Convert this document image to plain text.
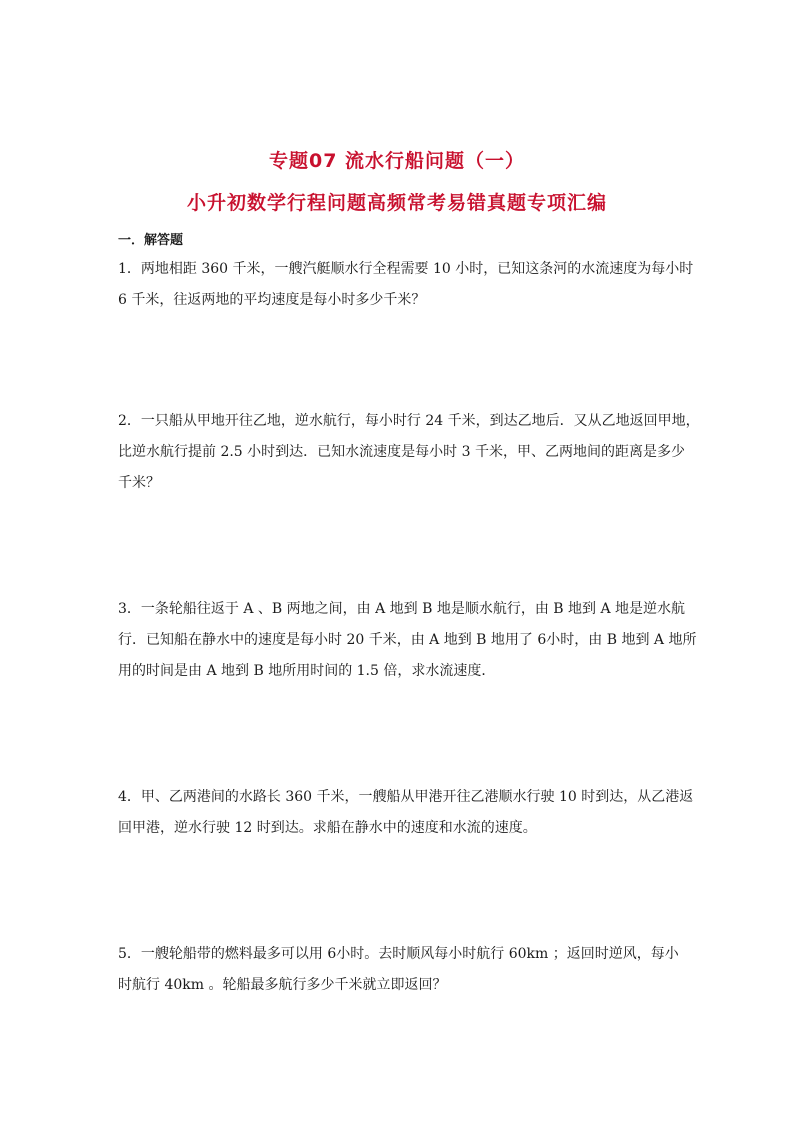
专题07 流水行船问题（一）
小升初数学行程问题高频常考易错真题专项汇编
一．解答题
1．两地相距 360 千米，一艘汽艇顺水行全程需要 10 小时，已知这条河的水流速度为每小时
6 千米，往返两地的平均速度是每小时多少千米？
2．一只船从甲地开往乙地，逆水航行，每小时行 24 千米，到达乙地后．又从乙地返回甲地，
比逆水航行提前 2.5 小时到达．已知水流速度是每小时 3 千米，甲、乙两地间的距离是多少
千米？
3．一条轮船往返于 A 、B 两地之间，由 A 地到 B 地是顺水航行，由 B 地到 A 地是逆水航
行．已知船在静水中的速度是每小时 20 千米，由 A 地到 B 地用了 6小时，由 B 地到 A 地所
用的时间是由 A 地到 B 地所用时间的 1.5 倍，求水流速度．
4．甲、乙两港间的水路长 360 千米，一艘船从甲港开往乙港顺水行驶 10 时到达，从乙港返
回甲港，逆水行驶 12 时到达。求船在静水中的速度和水流的速度。
5．一艘轮船带的燃料最多可以用 6小时。去时顺风每小时航行 60km ；返回时逆风，每小
时航行 40km 。轮船最多航行多少千米就立即返回？
